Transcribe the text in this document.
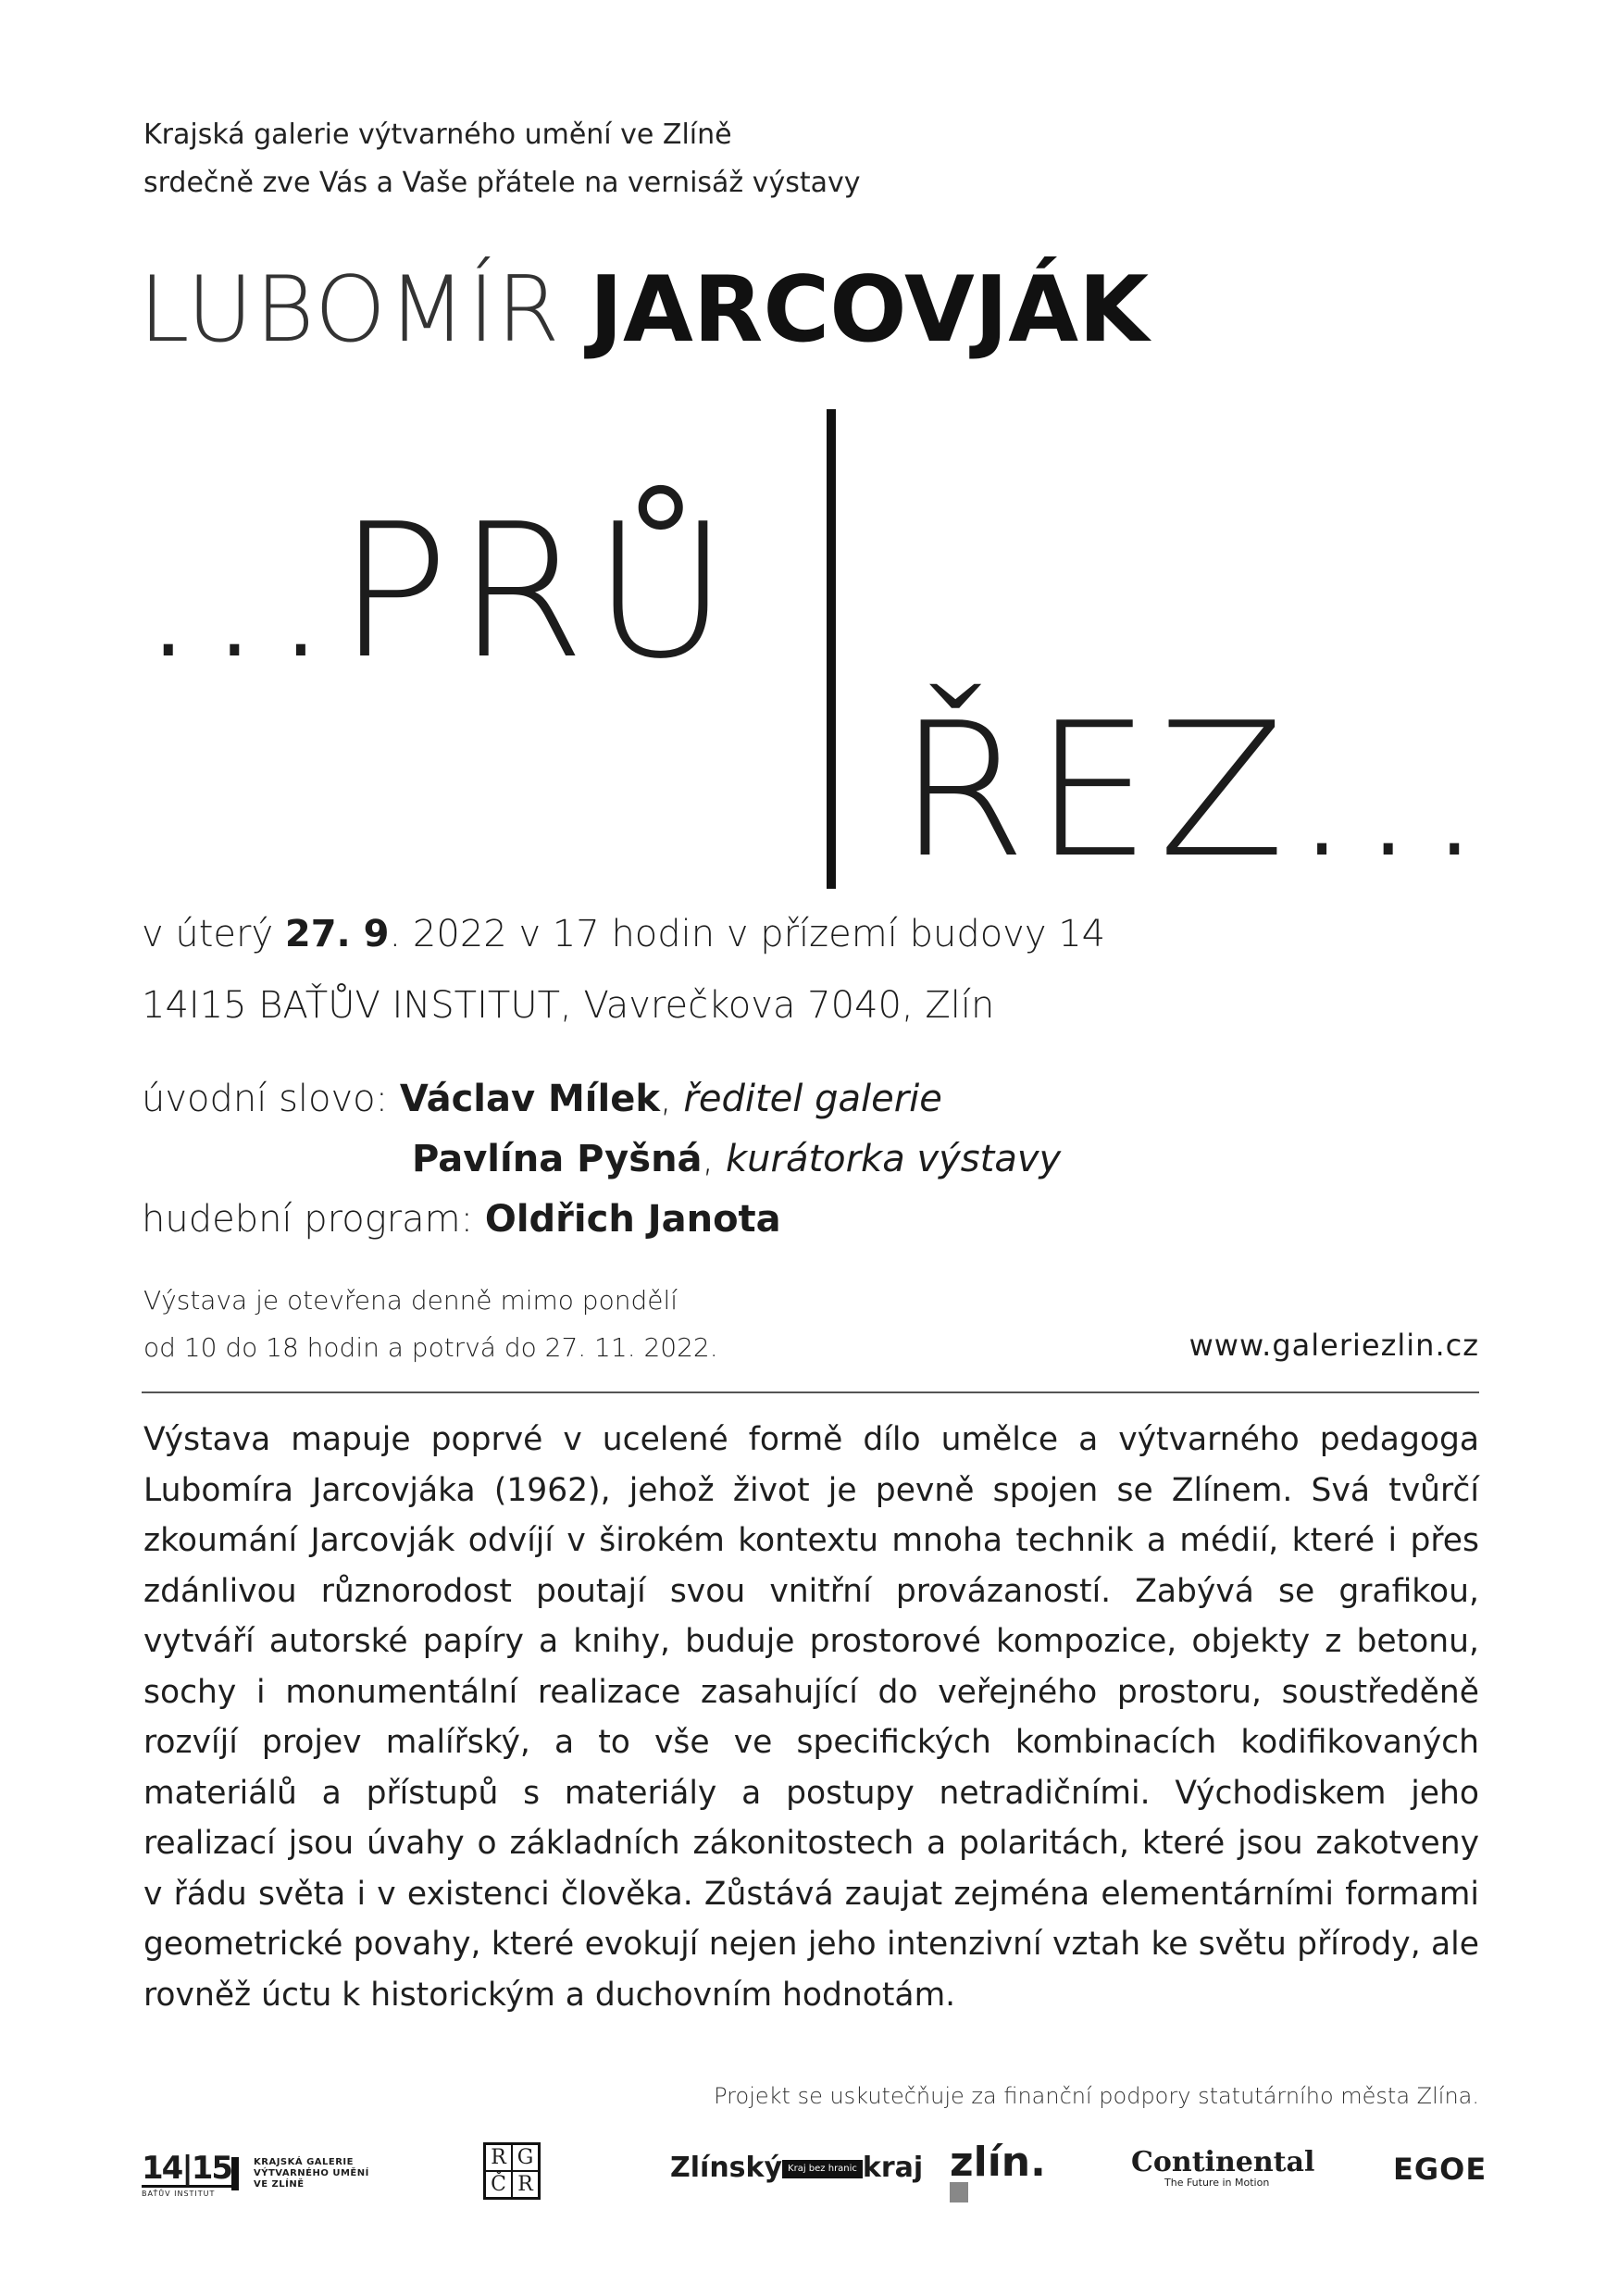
Krajská galerie výtvarného umění ve Zlíně
srdečně zve Vás a Vaše přátele na vernisáž výstavy
LUBOMÍR JARCOVJÁK
...PRŮ
ŘEZ...
v úterý 27. 9. 2022 v 17 hodin v přízemí budovy 14
14I15 BAŤŮV INSTITUT, Vavrečkova 7040, Zlín
úvodní slovo: Václav Mílek, ředitel galerie
Pavlína Pyšná, kurátorka výstavy
hudební program: Oldřich Janota
Výstava je otevřena denně mimo pondělí
od 10 do 18 hodin a potrvá do 27. 11. 2022.	www.galeriezlin.cz
Výstava mapuje poprvé v ucelené formě dílo umělce a výtvarného pedagoga Lubomíra Jarcovjáka (1962), jehož život je pevně spojen se Zlínem. Svá tvůrčí zkoumání Jarcovják odvíjí v širokém kontextu mnoha technik a médií, které i přes zdánlivou různorodost poutají svou vnitřní provázaností. Zabývá se grafikou, vytváří autorské papíry a knihy, buduje prostorové kompozice, objekty z betonu, sochy i monumentální realizace zasahující do veřejného prostoru, soustředěně rozvíjí projev malířský, a to vše ve specifických kombinacích kodifikovaných materiálů a přístupů s materiály a postupy netradičními. Východiskem jeho realizací jsou úvahy o základních zákonitostech a polaritách, které jsou zakotveny v řádu světa i v existenci člověka. Zůstává zaujat zejména elementárními formami geometrické povahy, které evokují nejen jeho intenzivní vztah ke světu přírody, ale rovněž úctu k historickým a duchovním hodnotám.
Projekt se uskutečňuje za finanční podpory statutárního města Zlína.
14|15
BAŤŮV INSTITUT
KRAJSKÁ GALERIE
VÝTVARNÉHO UMĚNÍ
VE ZLÍNĚ
R G
Č R
Zlínský Kraj bez hranic kraj zlín.	Continental
The Future in Motion	EGOE
